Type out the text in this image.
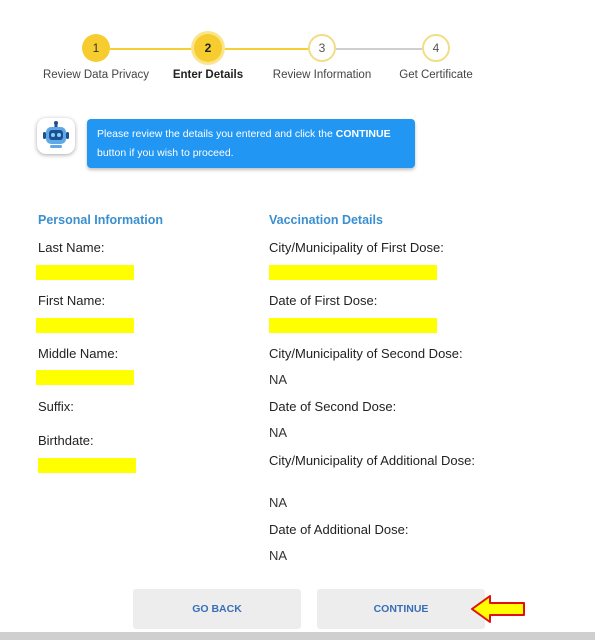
1	2	3	4
Review Data Privacy Enter Details	Review Information Get Certificate
Please review the details you entered and click the CONTINUE
button if you wish to proceed.
Personal Information
Last Name:
First Name:
Middle Name:
Suffix:
Birthdate:
Vaccination Details
City/Municipality of First Dose:
Date of First Dose:
City/Municipality of Second Dose:
NA
Date of Second Dose:
NA
City/Municipality of Additional Dose:
NA
Date of Additional Dose:
NA
GO BACK	CONTINUE
